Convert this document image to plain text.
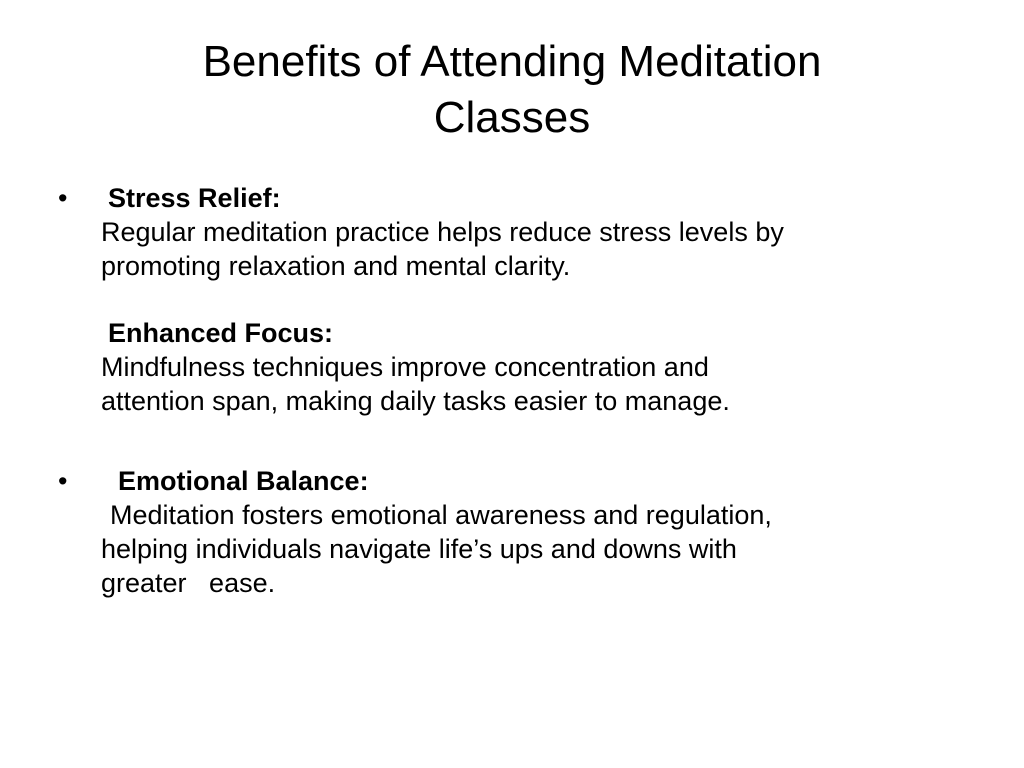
Benefits of Attending Meditation
Classes
•	Stress Relief:
Regular meditation practice helps reduce stress levels by
promoting relaxation and mental clarity.
Enhanced Focus:
Mindfulness techniques improve concentration and
attention span, making daily tasks easier to manage.
•	Emotional Balance:
Meditation fosters emotional awareness and regulation,
helping individuals navigate life’s ups and downs with
greater   ease.
